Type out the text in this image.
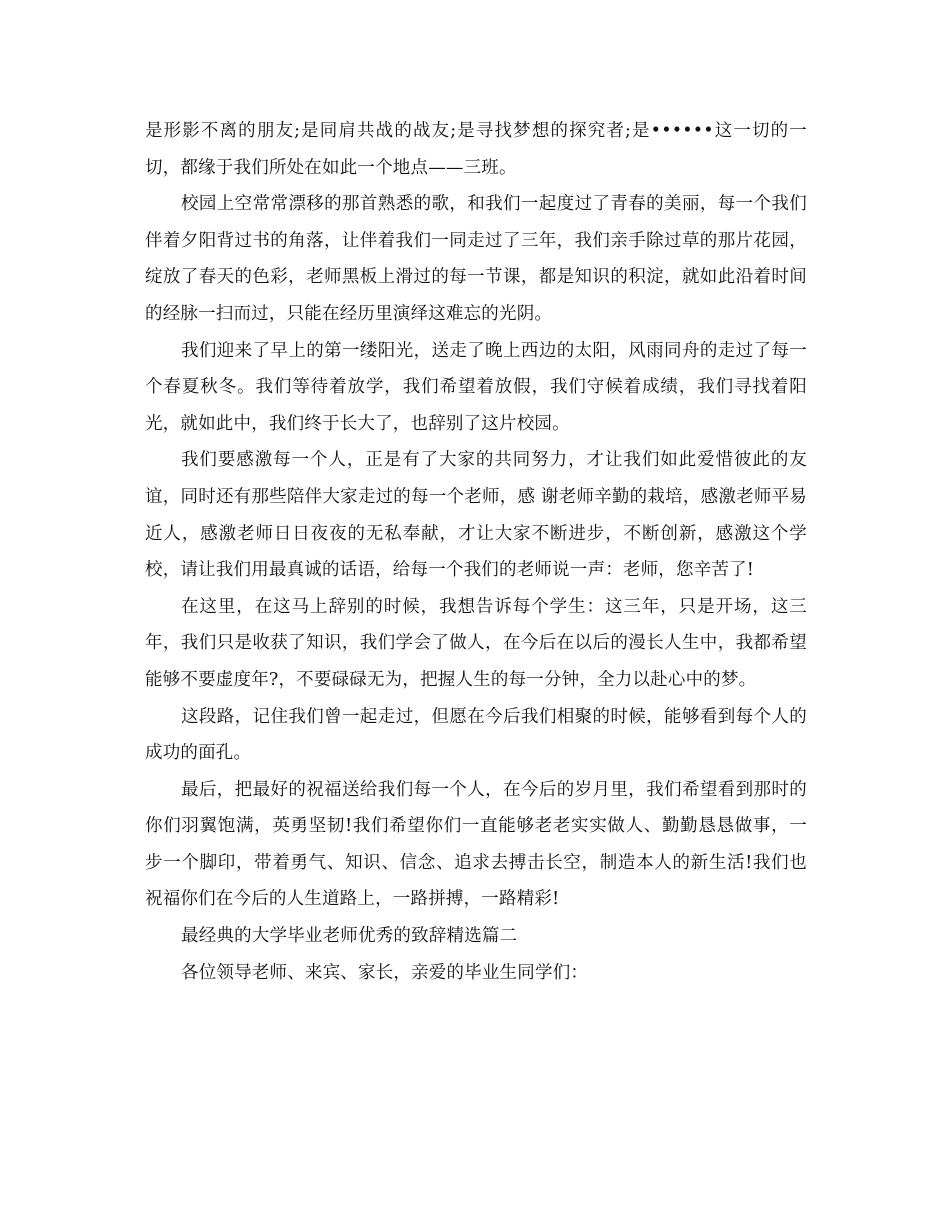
是形影不离的朋友;是同肩共战的战友;是寻找梦想的探究者;是••••••这一切的一切，都缘于我们所处在如此一个地点——三班。

校园上空常常漂移的那首熟悉的歌，和我们一起度过了青春的美丽，每一个我们伴着夕阳背过书的角落，让伴着我们一同走过了三年，我们亲手除过草的那片花园，绽放了春天的色彩，老师黑板上滑过的每一节课，都是知识的积淀，就如此沿着时间的经脉一扫而过，只能在经历里演绎这难忘的光阴。

我们迎来了早上的第一缕阳光，送走了晚上西边的太阳，风雨同舟的走过了每一个春夏秋冬。我们等待着放学，我们希望着放假，我们守候着成绩，我们寻找着阳光，就如此中，我们终于长大了，也辞别了这片校园。

我们要感激每一个人，正是有了大家的共同努力，才让我们如此爱惜彼此的友谊，同时还有那些陪伴大家走过的每一个老师，感 谢老师辛勤的栽培，感激老师平易近人，感激老师日日夜夜的无私奉献，才让大家不断进步，不断创新，感激这个学校，请让我们用最真诚的话语，给每一个我们的老师说一声：老师，您辛苦了!

在这里，在这马上辞别的时候，我想告诉每个学生：这三年，只是开场，这三年，我们只是收获了知识，我们学会了做人，在今后在以后的漫长人生中，我都希望能够不要虚度年?，不要碌碌无为，把握人生的每一分钟，全力以赴心中的梦。

这段路，记住我们曾一起走过，但愿在今后我们相聚的时候，能够看到每个人的成功的面孔。

最后，把最好的祝福送给我们每一个人，在今后的岁月里，我们希望看到那时的你们羽翼饱满，英勇坚韧!我们希望你们一直能够老老实实做人、勤勤恳恳做事，一步一个脚印，带着勇气、知识、信念、追求去搏击长空，制造本人的新生活!我们也祝福你们在今后的人生道路上，一路拼搏，一路精彩!

最经典的大学毕业老师优秀的致辞精选篇二

各位领导老师、来宾、家长，亲爱的毕业生同学们：
